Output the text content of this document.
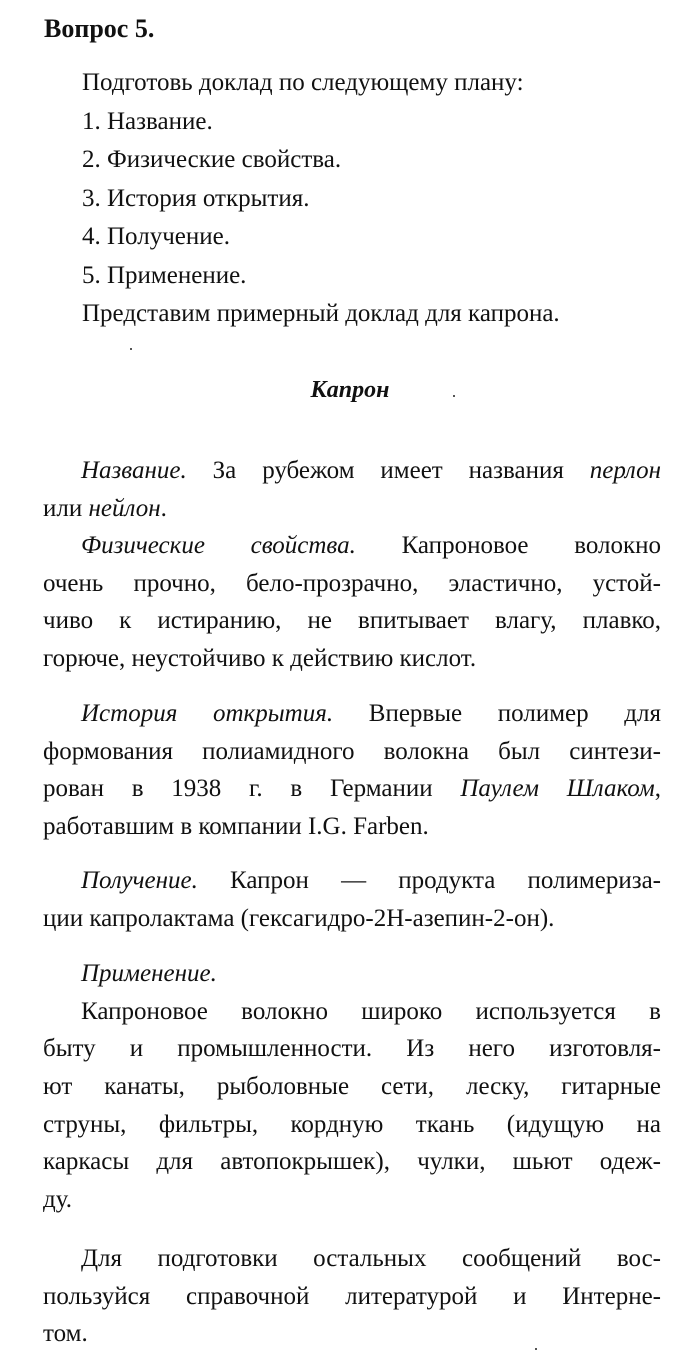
Вопрос 5.
Подготовь доклад по следующему плану:
1. Название.
2. Физические свойства.
3. История открытия.
4. Получение.
5. Применение.
Представим примерный доклад для капрона.
Капрон
Название. За рубежом имеет названия перлон
или нейлон.
Физические свойства. Капроновое волокно
очень прочно, бело-прозрачно, эластично, устой-
чиво к истиранию, не впитывает влагу, плавко,
горюче, неустойчиво к действию кислот.
История открытия. Впервые полимер для
формования полиамидного волокна был синтези-
рован в 1938 г. в Германии Паулем Шлаком,
работавшим в компании I.G. Farben.
Получение. Капрон — продукта полимериза-
ции капролактама (гексагидро-2Н-азепин-2-он).
Применение.
Капроновое волокно широко используется в
быту и промышленности. Из него изготовля-
ют канаты, рыболовные сети, леску, гитарные
струны, фильтры, кордную ткань (идущую на
каркасы для автопокрышек), чулки, шьют одеж-
ду.
Для подготовки остальных сообщений вос-
пользуйся справочной литературой и Интерне-
том.
